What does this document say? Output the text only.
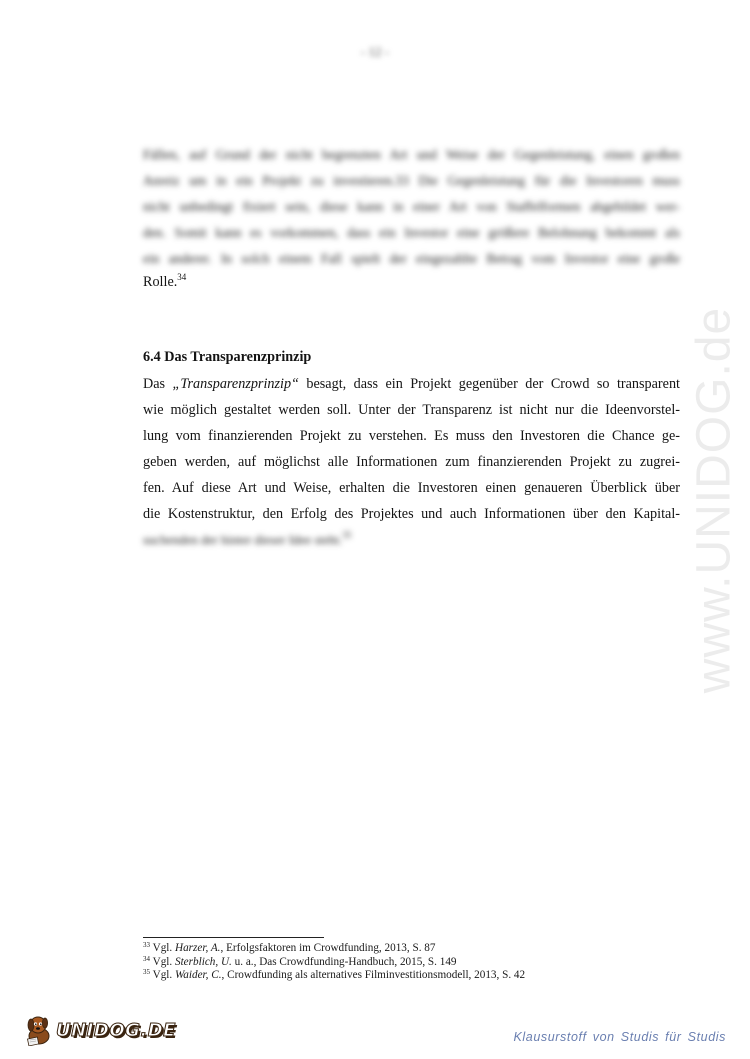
- 12 -
Fällen, auf Grund der nicht begrenzten Art und Weise der Gegenleistung, einen großen
Anreiz um in ein Projekt zu investieren.33 Die Gegenleistung für die Investoren muss
nicht unbedingt fixiert sein, diese kann in einer Art von Staffelformen abgebildet wer-
den. Somit kann es vorkommen, dass ein Investor eine größere Belohnung bekommt als
ein anderer. In solch einem Fall spielt der eingezahlte Betrag vom Investor eine große
Rolle.$^{34}$
6.4 Das Transparenzprinzip
Das „Transparenzprinzip“ besagt, dass ein Projekt gegenüber der Crowd so transparent
wie möglich gestaltet werden soll. Unter der Transparenz ist nicht nur die Ideenvorstel-
lung vom finanzierenden Projekt zu verstehen. Es muss den Investoren die Chance ge-
geben werden, auf möglichst alle Informationen zum finanzierenden Projekt zu zugrei-
fen. Auf diese Art und Weise, erhalten die Investoren einen genaueren Überblick über
die Kostenstruktur, den Erfolg des Projektes und auch Informationen über den Kapital-
suchenden der hinter dieser Idee steht.$^{35}$
$^{33}$ Vgl. Harzer, A., Erfolgsfaktoren im Crowdfunding, 2013, S. 87
$^{34}$ Vgl. Sterblich, U. u. a., Das Crowdfunding-Handbuch, 2015, S. 149
$^{35}$ Vgl. Waider, C., Crowdfunding als alternatives Filminvestitionsmodell, 2013, S. 42
www.UNIDOG.de
UNIDOG.DE	Klausurstoff von Studis für Studis
